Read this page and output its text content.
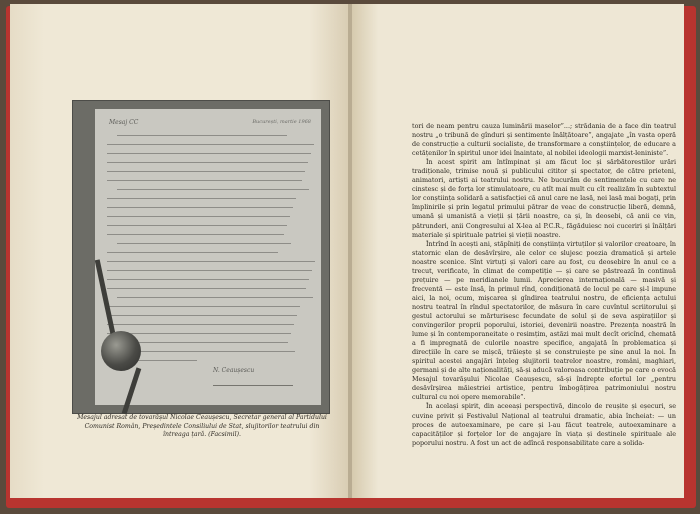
Mesaj CC	București, martie 1968
N. Ceaușescu
Mesajul adresat de tovarășul Nicolae Ceaușescu, Secretar general al Partidului Comunist Român, Președintele Consiliului de Stat, slujitorilor teatrului din întreaga țară. (Facsimil).

tori de neam pentru cauza luminării maselor”...; strădania de a face din teatrul nostru „o tribună de gînduri și sentimente înălțătoare”, angajate „în vasta operă de construcție a culturii socialiste, de transformare a conștiințelor, de educare a cetățenilor în spiritul unor idei înaintate, al nobilei ideologii marxist-leniniste”.

În acest spirit am întîmpinat și am făcut loc și sărbătorestilor urări tradiționale, trimise nouă și publicului cititor și spectator, de către prieteni, animatori, artiști ai teatrului nostru. Ne bucurăm de sentimentele cu care ne cinstesc și de forța lor stimulatoare, cu atît mai mult cu cît realizăm în subtextul lor conștiința solidară a satisfacției că anul care ne lasă, nei lasă mai bogați, prin împlinirile și prin legatul primului pătrar de veac de construcție liberă, demnă, umană și umanistă a vieții și țării noastre, ca și, în deosebi, că anii ce vin, pătrunderi, anii Congresului al X-lea al P.C.R., făgăduiesc noi cuceriri și înălțări materiale și spirituale patriei și vieții noastre.

Întrînd în acești ani, stăpîniți de conștiința virtuților și valorilor creatoare, în statornic elan de desăvîrșire, ale celor ce slujesc poezia dramatică și artele noastre scenice. Sînt virtuți și valori care au fost, cu deosebire în anul ce a trecut, verificate, în climat de competiție — și care se păstrează în continuă prețuire — pe meridianele lumii. Aprecierea internațională — masivă și frecventă — este însă, în primul rînd, condiționată de locul pe care și-l impune aici, la noi, ocum, mișcarea și gîndirea teatrului nostru, de eficiența actului nostru teatral în rîndul spectatorilor, de măsura în care cuvîntul scriitorului și gestul actorului se mărturisesc fecundate de solul și de seva aspirațiilor și convingerilor proprii poporului, istoriei, devenirii noastre. Prezența noastră în lume și în contemporaneitate o resimțim, astăzi mai mult decît oricînd, chemată a fi impregnată de culorile noastre specifice, angajată în problematica și direcțiile în care se mișcă, trăiește și se construiește pe sine anul la noi. În spiritul acestei angajări înțeleg slujitorii teatrelor noastre, români, maghiari, germani și de alte naționalități, să-și aducă valoroasa contribuție pe care o evocă Mesajul tovarășului Nicolae Ceaușescu, să-și îndrepte efortul lor „pentru desăvîrșirea măiestriei artistice, pentru îmbogățirea patrimoniului nostru cultural cu noi opere memorabile”.

În același spirit, din aceeași perspectivă, dincolo de reușite și eșecuri, se cuvine privit și Festivalul Național al teatrului dramatic, abia încheiat: — un proces de autoexaminare, pe care și l-au făcut teatrele, autoexaminare a capacităților și forțelor lor de angajare în viața și destinele spirituale ale poporului nostru. A fost un act de adîncă responsabilitate care a solida-
